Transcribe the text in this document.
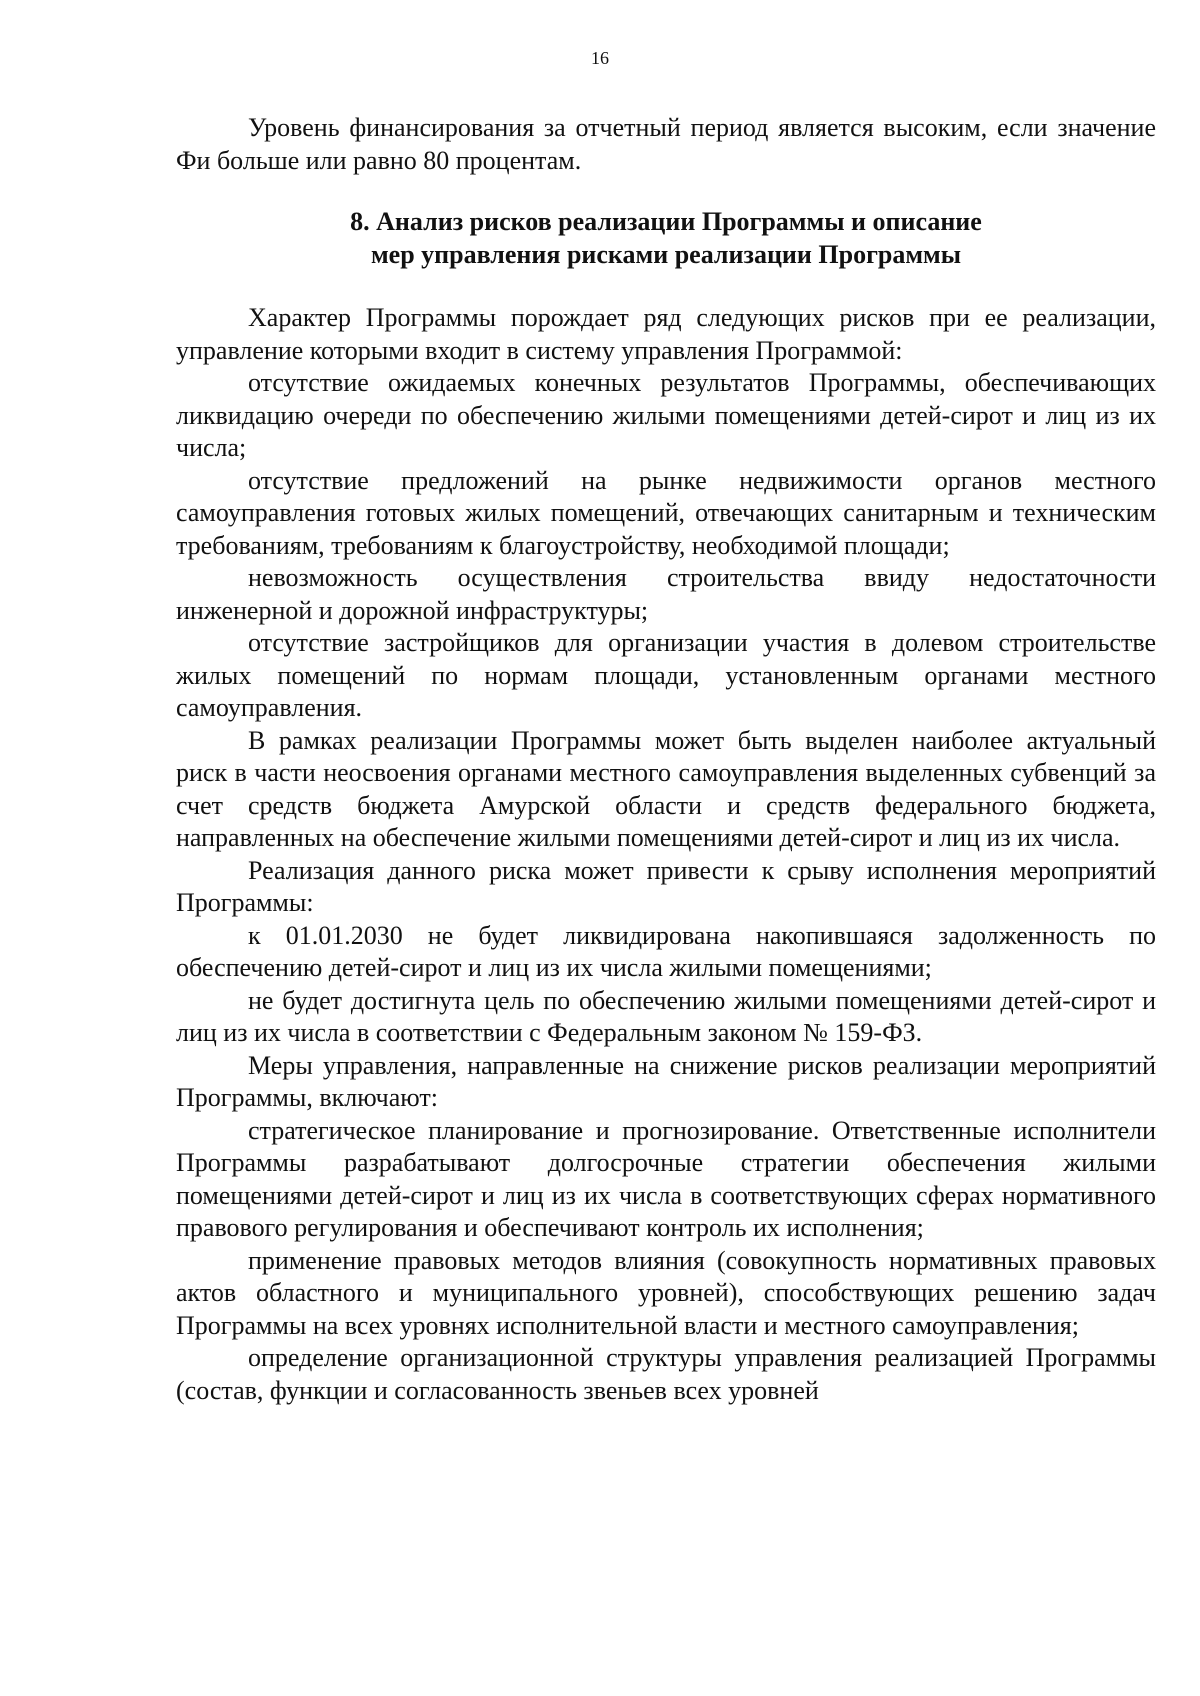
16

Уровень финансирования за отчетный период является высоким, если значение Фи больше или равно 80 процентам.

8. Анализ рисков реализации Программы и описание
мер управления рисками реализации Программы

Характер Программы порождает ряд следующих рисков при ее реализации, управление которыми входит в систему управления Программой:

отсутствие ожидаемых конечных результатов Программы, обеспечивающих ликвидацию очереди по обеспечению жилыми помещениями детей-сирот и лиц из их числа;

отсутствие предложений на рынке недвижимости органов местного самоуправления готовых жилых помещений, отвечающих санитарным и техническим требованиям, требованиям к благоустройству, необходимой площади;

невозможность осуществления строительства ввиду недостаточности инженерной и дорожной инфраструктуры;

отсутствие застройщиков для организации участия в долевом строительстве жилых помещений по нормам площади, установленным органами местного самоуправления.

В рамках реализации Программы может быть выделен наиболее актуальный риск в части неосвоения органами местного самоуправления выделенных субвенций за счет средств бюджета Амурской области и средств федерального бюджета, направленных на обеспечение жилыми помещениями детей-сирот и лиц из их числа.

Реализация данного риска может привести к срыву исполнения мероприятий Программы:

к 01.01.2030 не будет ликвидирована накопившаяся задолженность по обеспечению детей-сирот и лиц из их числа жилыми помещениями;

не будет достигнута цель по обеспечению жилыми помещениями детей-сирот и лиц из их числа в соответствии с Федеральным законом № 159-ФЗ.

Меры управления, направленные на снижение рисков реализации мероприятий Программы, включают:

стратегическое планирование и прогнозирование. Ответственные исполнители Программы разрабатывают долгосрочные стратегии обеспечения жилыми помещениями детей-сирот и лиц из их числа в соответствующих сферах нормативного правового регулирования и обеспечивают контроль их исполнения;

применение правовых методов влияния (совокупность нормативных правовых актов областного и муниципального уровней), способствующих решению задач Программы на всех уровнях исполнительной власти и местного самоуправления;

определение организационной структуры управления реализацией Программы (состав, функции и согласованность звеньев всех уровней
